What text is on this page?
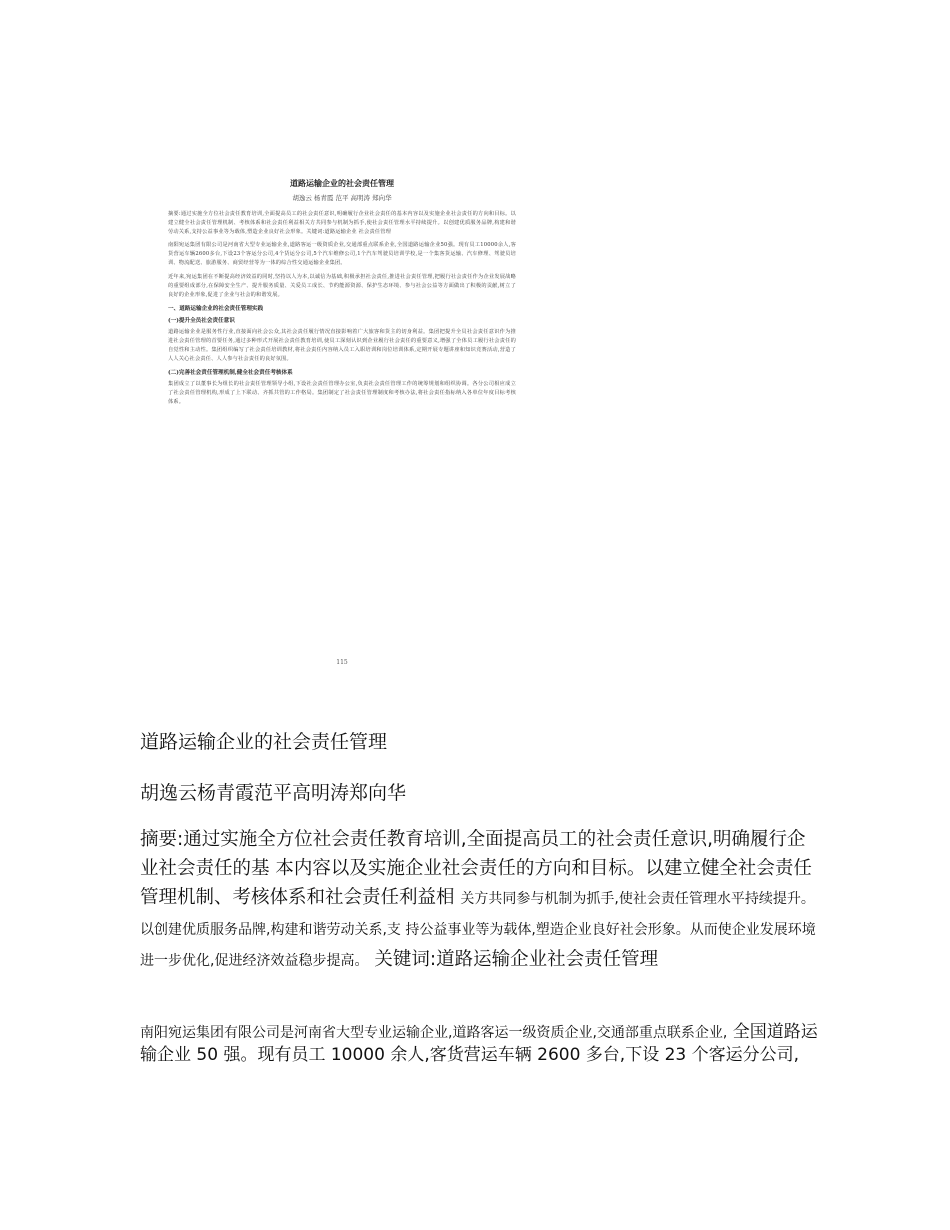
道路运输企业的社会责任管理
胡逸云 杨青霞 范平 高明涛 郑向华

摘要:通过实施全方位社会责任教育培训,全面提高员工的社会责任意识,明确履行企业社会责任的基本内容以及实施企业社会责任的方向和目标。以建立健全社会责任管理机制、考核体系和社会责任利益相关方共同参与机制为抓手,使社会责任管理水平持续提升。以创建优质服务品牌,构建和谐劳动关系,支持公益事业等为载体,塑造企业良好社会形象。关键词:道路运输企业 社会责任管理

南阳宛运集团有限公司是河南省大型专业运输企业,道路客运一级资质企业,交通部重点联系企业,全国道路运输企业50强。现有员工10000余人,客货营运车辆2600多台,下设23个客运分公司,4个货运分公司,5个汽车维修公司,1个汽车驾驶员培训学校,是一个集客货运输、汽车修理、驾驶员培训、物流配送、旅游服务、商贸经营等为一体的综合性交通运输企业集团。

近年来,宛运集团在不断提高经济效益的同时,坚持以人为本,以诚信为基础,积极承担社会责任,推进社会责任管理,把履行社会责任作为企业发展战略的重要组成部分,在保障安全生产、提升服务质量、关爱员工成长、节约能源资源、保护生态环境、参与社会公益等方面做出了积极的贡献,树立了良好的企业形象,促进了企业与社会的和谐发展。

一、道路运输企业的社会责任管理实践
(一)提升全员社会责任意识

道路运输企业是服务性行业,直接面向社会公众,其社会责任履行情况直接影响着广大旅客和货主的切身利益。集团把提升全员社会责任意识作为推进社会责任管理的首要任务,通过多种形式开展社会责任教育培训,使员工深刻认识到企业履行社会责任的重要意义,增强了全体员工履行社会责任的自觉性和主动性。集团组织编写了社会责任培训教材,将社会责任内容纳入员工入职培训和岗位培训体系,定期开展专题讲座和知识竞赛活动,营造了人人关心社会责任、人人参与社会责任的良好氛围。

(二)完善社会责任管理机制,健全社会责任考核体系

集团成立了以董事长为组长的社会责任管理领导小组,下设社会责任管理办公室,负责社会责任管理工作的统筹规划和组织协调。各分公司相应成立了社会责任管理机构,形成了上下联动、齐抓共管的工作格局。集团制定了社会责任管理制度和考核办法,将社会责任指标纳入各单位年度目标考核体系。

115
道路运输企业的社会责任管理
胡逸云杨青霞范平高明涛郑向华

摘要:通过实施全方位社会责任教育培训,全面提高员工的社会责任意识,明确履行企业社会责任的基 本内容以及实施企业社会责任的方向和目标。以建立健全社会责任管理机制、考核体系和社会责任利益相 关方共同参与机制为抓手,使社会责任管理水平持续提升。以创建优质服务品牌,构建和谐劳动关系,支 持公益事业等为载体,塑造企业良好社会形象。从而使企业发展环境进一步优化,促进经济效益稳步提高。 关键词:道路运输企业社会责任管理

南阳宛运集团有限公司是河南省大型专业运输企业,道路客运一级资质企业,交通部重点联系企业, 全国道路运输企业 50 强。现有员工 10000 余人,客货营运车辆 2600 多台,下设 23 个客运分公司,
